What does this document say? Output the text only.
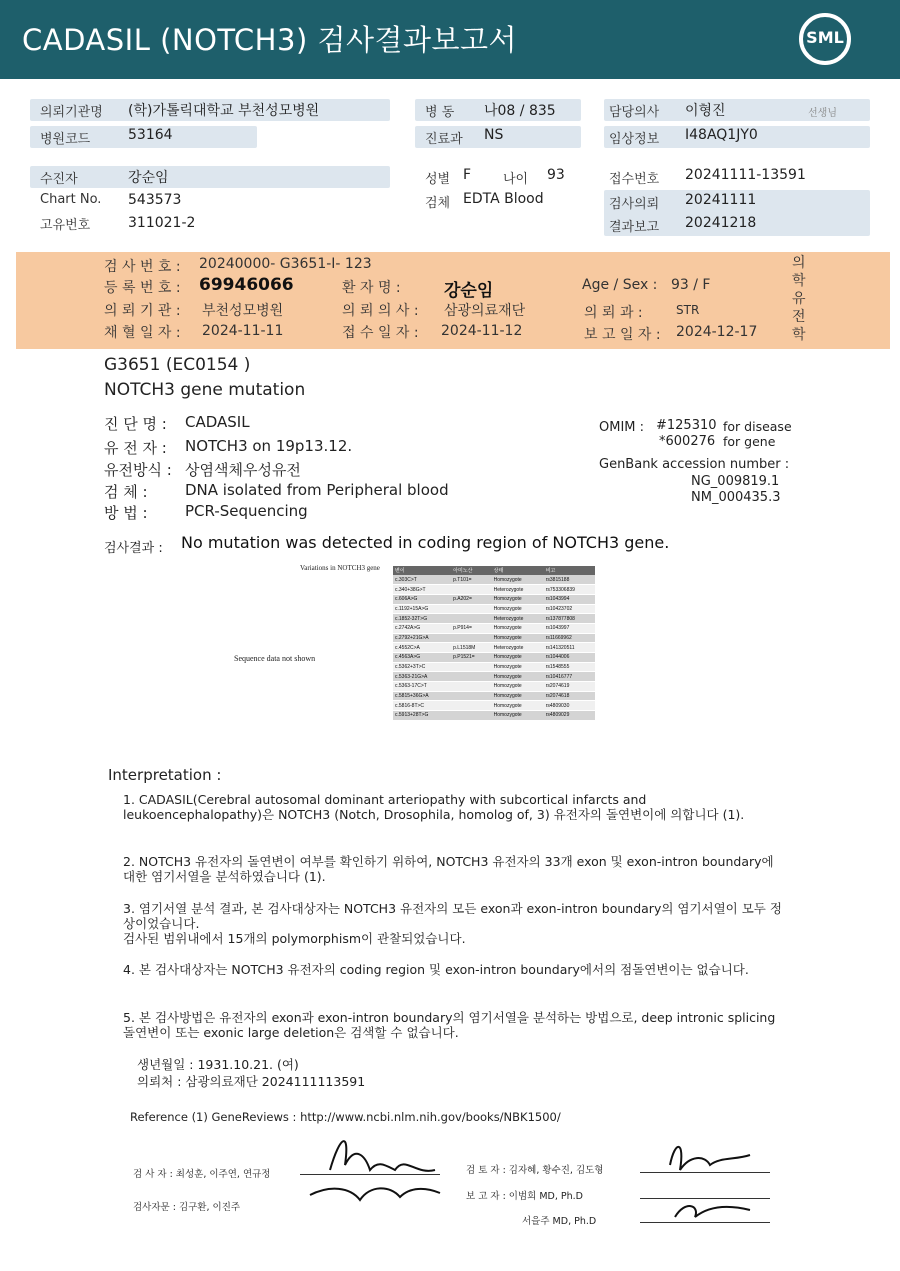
CADASIL (NOTCH3) 검사결과보고서	SML
의뢰기관명 (학)가톨릭대학교 부천성모병원
병원코드	53164
병 동 나08 / 835
진료과 NS
담당의사 이형진	선생님
임상정보 I48AQ1JY0
수진자	강순임
Chart No. 543573
고유번호	311021-2
성별 F 나이 93
검체 EDTA Blood
접수번호 20241111-13591
검사의뢰 20241111
결과보고 20241218
검 사 번 호 : 20240000- G3651-I- 123
등 록 번 호 : 69946066	환 자 명 :	강순임	Age / Sex : 93 / F
의 뢰 기 관 : 부천성모병원	의 뢰 의 사 : 삼광의료재단	의 뢰 과 :	STR
채 혈 일 자 : 2024-11-11	접 수 일 자 : 2024-11-12	보 고 일 자 : 2024-12-17
의
학
유
전
학
G3651 (EC0154 )
NOTCH3 gene mutation
진 단 명 : CADASIL
유 전 자 : NOTCH3 on 19p13.12.
유전방식 : 상염색체우성유전
검 체 : DNA isolated from Peripheral blood
방 법 : PCR-Sequencing
OMIM : #125310 for disease
*600276 for gene
GenBank accession number :
NG_009819.1
NM_000435.3
검사결과 : No mutation was detected in coding region of NOTCH3 gene.
Variations in NOTCH3 gene
Sequence data not shown
변이	아미노산	상태	비고
c.303C>T	p.T101=	Homozygote	rs3815188
c.340+38G>T		Heterozygote	rs753306839
c.606A>G	p.A202=	Homozygote	rs1043994
c.1192+15A>G		Homozygote	rs10423702
c.1852-32T>G		Heterozygote	rs137877808
c.2742A>G	p.P914=	Homozygote	rs1043997
c.2792+21G>A		Homozygote	rs11669962
c.4552C>A	p.L1518M	Heterozygote	rs141320511
c.4563A>G	p.P1521=	Homozygote	rs1044006
c.5362+3T>C		Homozygote	rs1548555
c.5363-21G>A		Homozygote	rs10416777
c.5363-17C>T		Homozygote	rs2074619
c.5815+36G>A		Homozygote	rs2074618
c.5816-8T>C		Homozygote	rs4809030
c.5913+28T>G		Homozygote	rs4809029
Interpretation :
1. CADASIL(Cerebral autosomal dominant arteriopathy with subcortical infarcts and leukoencephalopathy)은 NOTCH3 (Notch, Drosophila, homolog of, 3) 유전자의 돌연변이에 의합니다 (1).
2. NOTCH3 유전자의 돌연변이 여부를 확인하기 위하여, NOTCH3 유전자의 33개 exon 및 exon-intron boundary에 대한 염기서열을 분석하였습니다 (1).
3. 염기서열 분석 결과, 본 검사대상자는 NOTCH3 유전자의 모든 exon과 exon-intron boundary의 염기서열이 모두 정상이었습니다.
검사된 범위내에서 15개의 polymorphism이 관찰되었습니다.
4. 본 검사대상자는 NOTCH3 유전자의 coding region 및 exon-intron boundary에서의 점돌연변이는 없습니다.
5. 본 검사방법은 유전자의 exon과 exon-intron boundary의 염기서열을 분석하는 방법으로, deep intronic splicing 돌연변이 또는 exonic large deletion은 검색할 수 없습니다.
생년월일 : 1931.10.21. (여)
의뢰처 : 삼광의료재단 2024111113591
Reference (1) GeneReviews : http://www.ncbi.nlm.nih.gov/books/NBK1500/
검 사 자 : 최성훈, 이주연, 연규정
검사자문 : 김구환, 이진주
검 토 자 : 김자혜, 황수진, 김도형
보 고 자 : 이범희 MD, Ph.D
서을주 MD, Ph.D
